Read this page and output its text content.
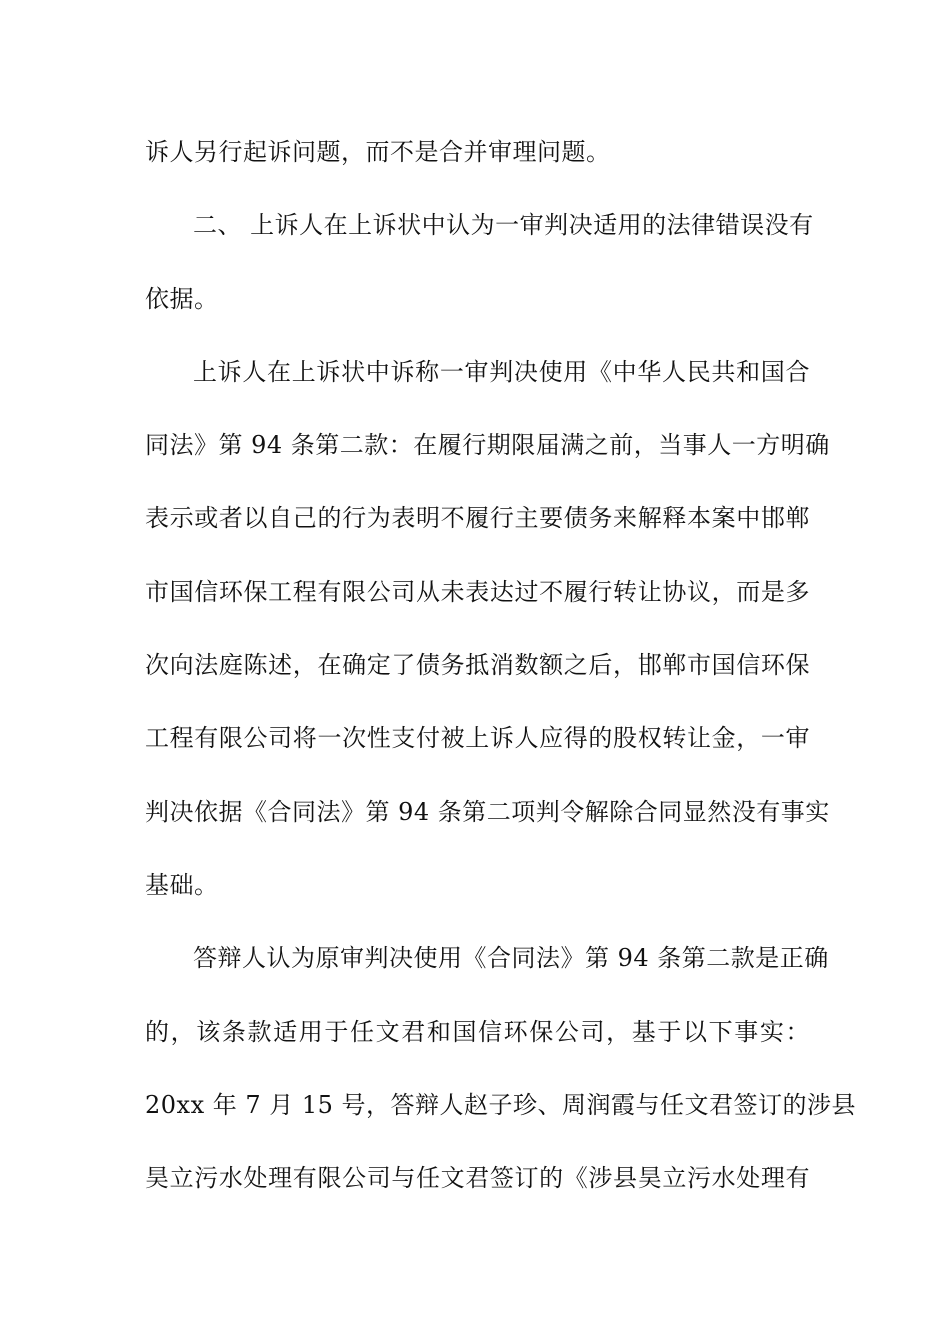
诉人另行起诉问题，而不是合并审理问题。
二、 上诉人在上诉状中认为一审判决适用的法律错误没有
依据。
上诉人在上诉状中诉称一审判决使用《中华人民共和国合
同法》第 94 条第二款：在履行期限届满之前，当事人一方明确
表示或者以自己的行为表明不履行主要债务来解释本案中邯郸
市国信环保工程有限公司从未表达过不履行转让协议，而是多
次向法庭陈述，在确定了债务抵消数额之后，邯郸市国信环保
工程有限公司将一次性支付被上诉人应得的股权转让金，一审
判决依据《合同法》第 94 条第二项判令解除合同显然没有事实
基础。
答辩人认为原审判决使用《合同法》第 94 条第二款是正确
的，该条款适用于任文君和国信环保公司，基于以下事实：
20xx 年 7 月 15 号，答辩人赵子珍、周润霞与任文君签订的涉县
昊立污水处理有限公司与任文君签订的《涉县昊立污水处理有
